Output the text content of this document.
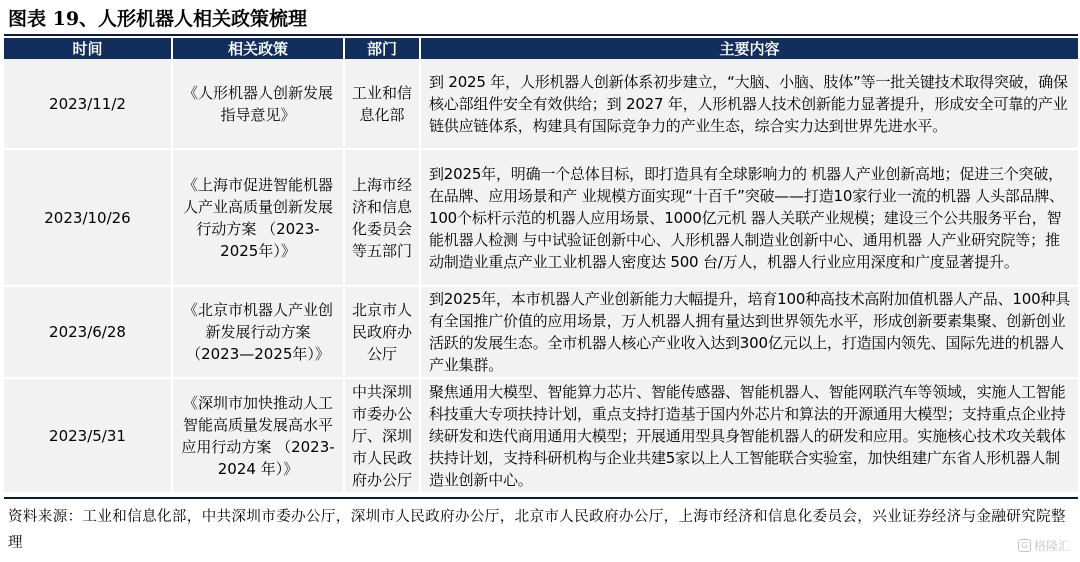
图表 19、人形机器人相关政策梳理
时间	相关政策	部门	主要内容
2023/11/2	《人形机器人创新发展指导意见》	工业和信息化部	到 2025 年，人形机器人创新体系初步建立，“大脑、小脑、肢体”等一批关键技术取得突破，确保核心部组件安全有效供给；到 2027 年，人形机器人技术创新能力显著提升，形成安全可靠的产业链供应链体系，构建具有国际竞争力的产业生态，综合实力达到世界先进水平。
2023/10/26	《上海市促进智能机器人产业高质量创新发展行动方案 （2023-2025年）》	上海市经济和信息化委员会等五部门	到2025年，明确一个总体目标，即打造具有全球影响力的 机器人产业创新高地；促进三个突破，在品牌、应用场景和产 业规模方面实现“十百千”突破——打造10家行业一流的机器 人头部品牌、100个标杆示范的机器人应用场景、1000亿元机 器人关联产业规模；建设三个公共服务平台，智能机器人检测 与中试验证创新中心、人形机器人制造业创新中心、通用机器 人产业研究院等；推动制造业重点产业工业机器人密度达 500 台/万人，机器人行业应用深度和广度显著提升。
2023/6/28	《北京市机器人产业创新发展行动方案（2023—2025年）》	北京市人民政府办公厅	到2025年，本市机器人产业创新能力大幅提升，培育100种高技术高附加值机器人产品、100种具有全国推广价值的应用场景，万人机器人拥有量达到世界领先水平，形成创新要素集聚、创新创业活跃的发展生态。全市机器人核心产业收入达到300亿元以上，打造国内领先、国际先进的机器人产业集群。
2023/5/31	《深圳市加快推动人工智能高质量发展高水平应用行动方案 （2023-2024 年）》	中共深圳市委办公厅、深圳市人民政府办公厅	聚焦通用大模型、智能算力芯片、智能传感器、智能机器人、智能网联汽车等领域，实施人工智能科技重大专项扶持计划，重点支持打造基于国内外芯片和算法的开源通用大模型；支持重点企业持续研发和迭代商用通用大模型；开展通用型具身智能机器人的研发和应用。实施核心技术攻关载体扶持计划，支持科研机构与企业共建5家以上人工智能联合实验室，加快组建广东省人形机器人制造业创新中心。
资料来源：工业和信息化部，中共深圳市委办公厅，深圳市人民政府办公厅，北京市人民政府办公厅，上海市经济和信息化委员会，兴业证券经济与金融研究院整理	G 格隆汇
